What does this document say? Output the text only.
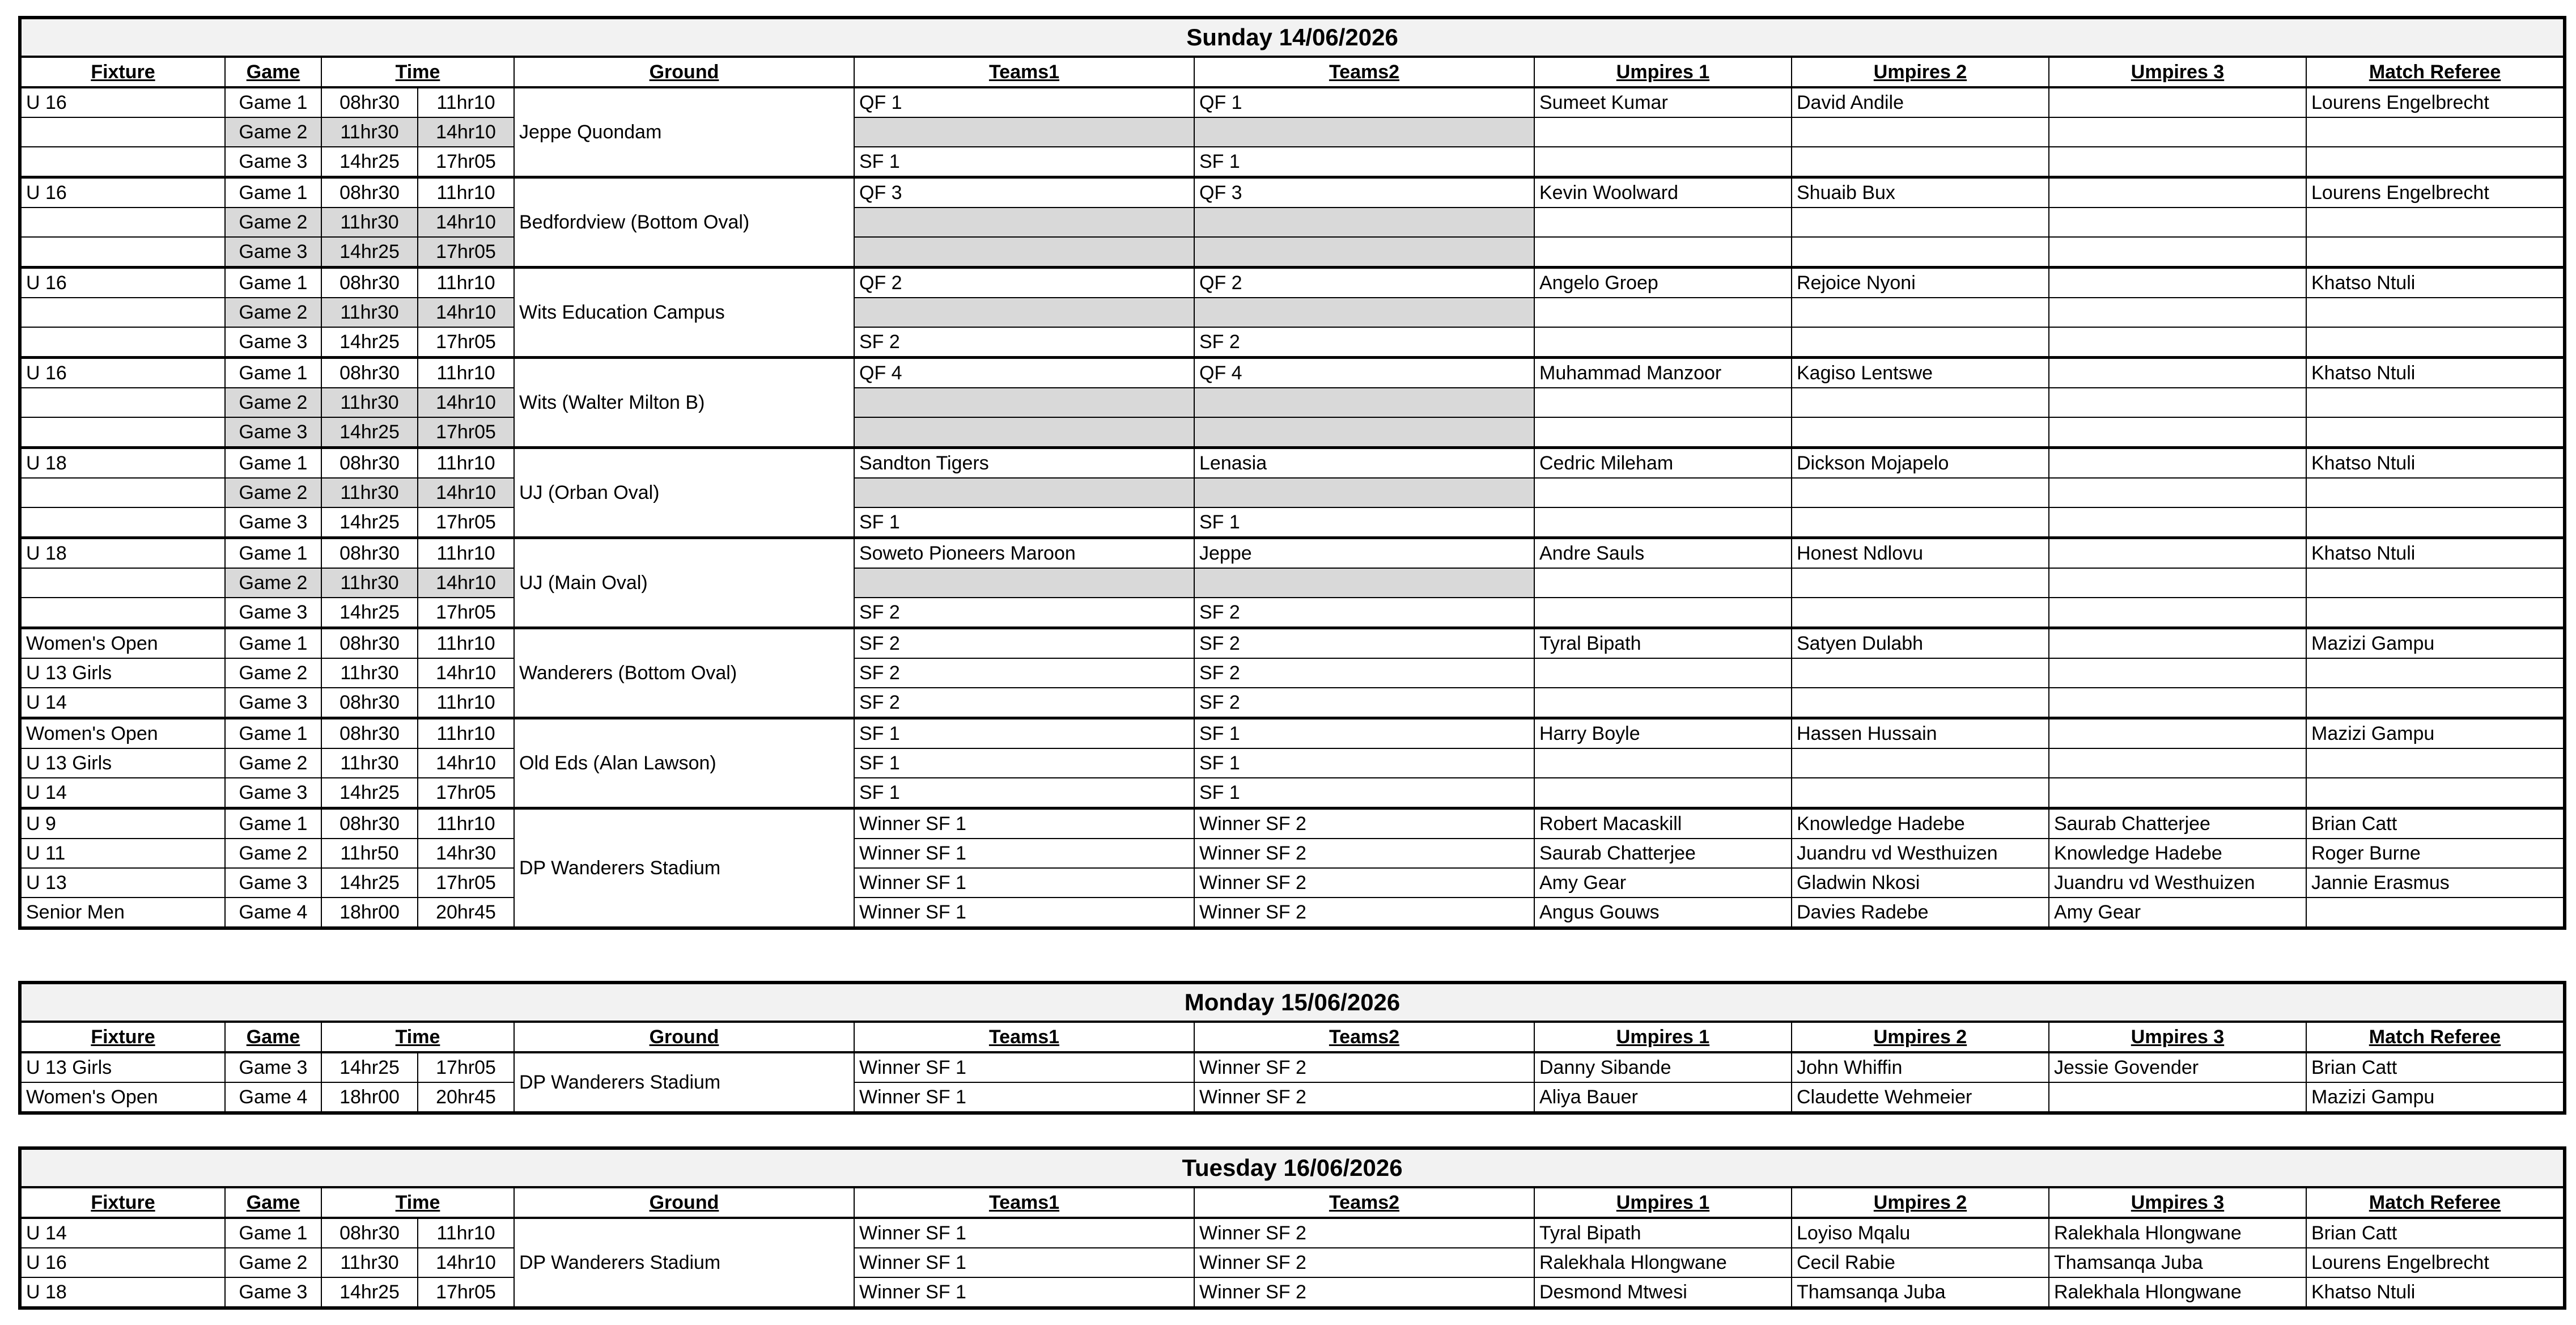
Sunday 14/06/2026										
Fixture	Game	Time		Ground	Teams1	Teams2	Umpires 1	Umpires 2	Umpires 3	Match Referee
U 16	Game 1	08hr30	11hr10	Jeppe Quondam	QF 1	QF 1	Sumeet Kumar	David Andile		Lourens Engelbrecht
	Game 2	11hr30	14hr10							
	Game 3	14hr25	17hr05		SF 1	SF 1				
U 16	Game 1	08hr30	11hr10	Bedfordview (Bottom Oval)	QF 3	QF 3	Kevin Woolward	Shuaib Bux		Lourens Engelbrecht
	Game 2	11hr30	14hr10							
	Game 3	14hr25	17hr05							
U 16	Game 1	08hr30	11hr10	Wits Education Campus	QF 2	QF 2	Angelo Groep	Rejoice Nyoni		Khatso Ntuli
	Game 2	11hr30	14hr10							
	Game 3	14hr25	17hr05		SF 2	SF 2				
U 16	Game 1	08hr30	11hr10	Wits (Walter Milton B)	QF 4	QF 4	Muhammad Manzoor	Kagiso Lentswe		Khatso Ntuli
	Game 2	11hr30	14hr10							
	Game 3	14hr25	17hr05							
U 18	Game 1	08hr30	11hr10	UJ (Orban Oval)	Sandton Tigers	Lenasia	Cedric Mileham	Dickson Mojapelo		Khatso Ntuli
	Game 2	11hr30	14hr10							
	Game 3	14hr25	17hr05		SF 1	SF 1				
U 18	Game 1	08hr30	11hr10	UJ (Main Oval)	Soweto Pioneers Maroon	Jeppe	Andre Sauls	Honest Ndlovu		Khatso Ntuli
	Game 2	11hr30	14hr10							
	Game 3	14hr25	17hr05		SF 2	SF 2				
Women's Open	Game 1	08hr30	11hr10	Wanderers (Bottom Oval)	SF 2	SF 2	Tyral Bipath	Satyen Dulabh		Mazizi Gampu
U 13 Girls	Game 2	11hr30	14hr10		SF 2	SF 2				
U 14	Game 3	08hr30	11hr10		SF 2	SF 2				
Women's Open	Game 1	08hr30	11hr10	Old Eds (Alan Lawson)	SF 1	SF 1	Harry Boyle	Hassen Hussain		Mazizi Gampu
U 13 Girls	Game 2	11hr30	14hr10		SF 1	SF 1				
U 14	Game 3	14hr25	17hr05		SF 1	SF 1				
U 9	Game 1	08hr30	11hr10	DP Wanderers Stadium	Winner SF 1	Winner SF 2	Robert Macaskill	Knowledge Hadebe	Saurab Chatterjee	Brian Catt
U 11	Game 2	11hr50	14hr30		Winner SF 1	Winner SF 2	Saurab Chatterjee	Juandru vd Westhuizen	Knowledge Hadebe	Roger Burne
U 13	Game 3	14hr25	17hr05		Winner SF 1	Winner SF 2	Amy Gear	Gladwin Nkosi	Juandru vd Westhuizen	Jannie Erasmus
Senior Men	Game 4	18hr00	20hr45		Winner SF 1	Winner SF 2	Angus Gouws	Davies Radebe	Amy Gear	
Monday 15/06/2026										
Fixture	Game	Time		Ground	Teams1	Teams2	Umpires 1	Umpires 2	Umpires 3	Match Referee
U 13 Girls	Game 3	14hr25	17hr05	DP Wanderers Stadium	Winner SF 1	Winner SF 2	Danny Sibande	John Whiffin	Jessie Govender	Brian Catt
Women's Open	Game 4	18hr00	20hr45		Winner SF 1	Winner SF 2	Aliya Bauer	Claudette Wehmeier		Mazizi Gampu
Tuesday 16/06/2026										
Fixture	Game	Time		Ground	Teams1	Teams2	Umpires 1	Umpires 2	Umpires 3	Match Referee
U 14	Game 1	08hr30	11hr10	DP Wanderers Stadium	Winner SF 1	Winner SF 2	Tyral Bipath	Loyiso Mqalu	Ralekhala Hlongwane	Brian Catt
U 16	Game 2	11hr30	14hr10		Winner SF 1	Winner SF 2	Ralekhala Hlongwane	Cecil Rabie	Thamsanqa Juba	Lourens Engelbrecht
U 18	Game 3	14hr25	17hr05		Winner SF 1	Winner SF 2	Desmond Mtwesi	Thamsanqa Juba	Ralekhala Hlongwane	Khatso Ntuli
